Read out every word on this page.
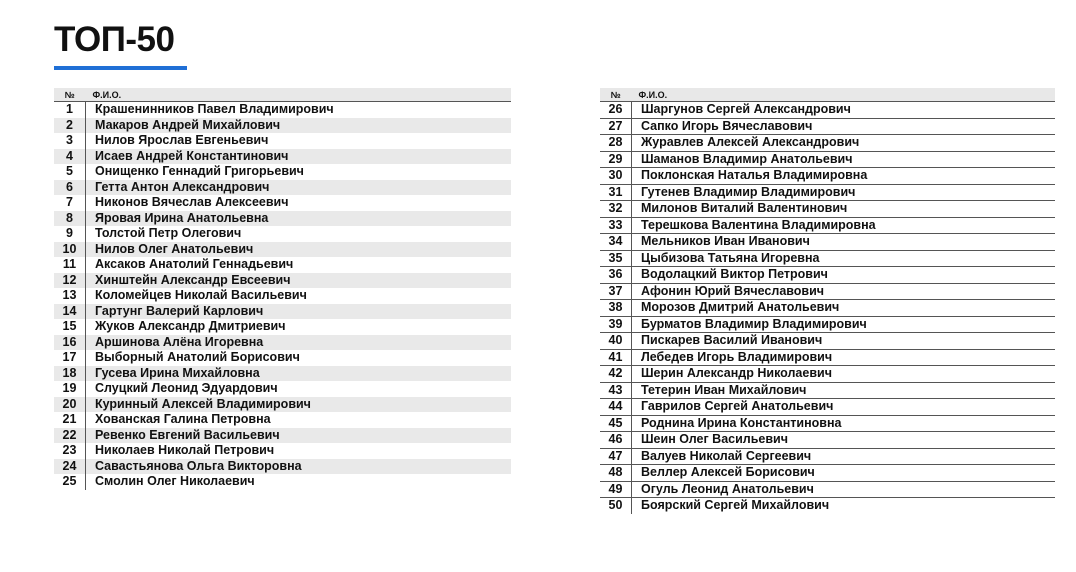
ТОП-50
№	Ф.И.О.
1	Крашенинников Павел Владимирович
2	Макаров Андрей Михайлович
3	Нилов Ярослав Евгеньевич
4	Исаев Андрей Константинович
5	Онищенко Геннадий Григорьевич
6	Гетта Антон Александрович
7	Никонов Вячеслав Алексеевич
8	Яровая Ирина Анатольевна
9	Толстой Петр Олегович
10	Нилов Олег Анатольевич
11	Аксаков Анатолий Геннадьевич
12	Хинштейн Александр Евсеевич
13	Коломейцев Николай Васильевич
14	Гартунг Валерий Карлович
15	Жуков Александр Дмитриевич
16	Аршинова Алёна Игоревна
17	Выборный Анатолий Борисович
18	Гусева Ирина Михайловна
19	Слуцкий Леонид Эдуардович
20	Куринный Алексей Владимирович
21	Хованская Галина Петровна
22	Ревенко Евгений Васильевич
23	Николаев Николай Петрович
24	Савастьянова Ольга Викторовна
25	Смолин Олег Николаевич
№	Ф.И.О.
26	Шаргунов Сергей Александрович
27	Сапко Игорь Вячеславович
28	Журавлев Алексей Александрович
29	Шаманов Владимир Анатольевич
30	Поклонская Наталья Владимировна
31	Гутенев Владимир Владимирович
32	Милонов Виталий Валентинович
33	Терешкова Валентина Владимировна
34	Мельников Иван Иванович
35	Цыбизова Татьяна Игоревна
36	Водолацкий Виктор Петрович
37	Афонин Юрий Вячеславович
38	Морозов Дмитрий Анатольевич
39	Бурматов Владимир Владимирович
40	Пискарев Василий Иванович
41	Лебедев Игорь Владимирович
42	Шерин Александр Николаевич
43	Тетерин Иван Михайлович
44	Гаврилов Сергей Анатольевич
45	Роднина Ирина Константиновна
46	Шеин Олег Васильевич
47	Валуев Николай Сергеевич
48	Веллер Алексей Борисович
49	Огуль Леонид Анатольевич
50	Боярский Сергей Михайлович
